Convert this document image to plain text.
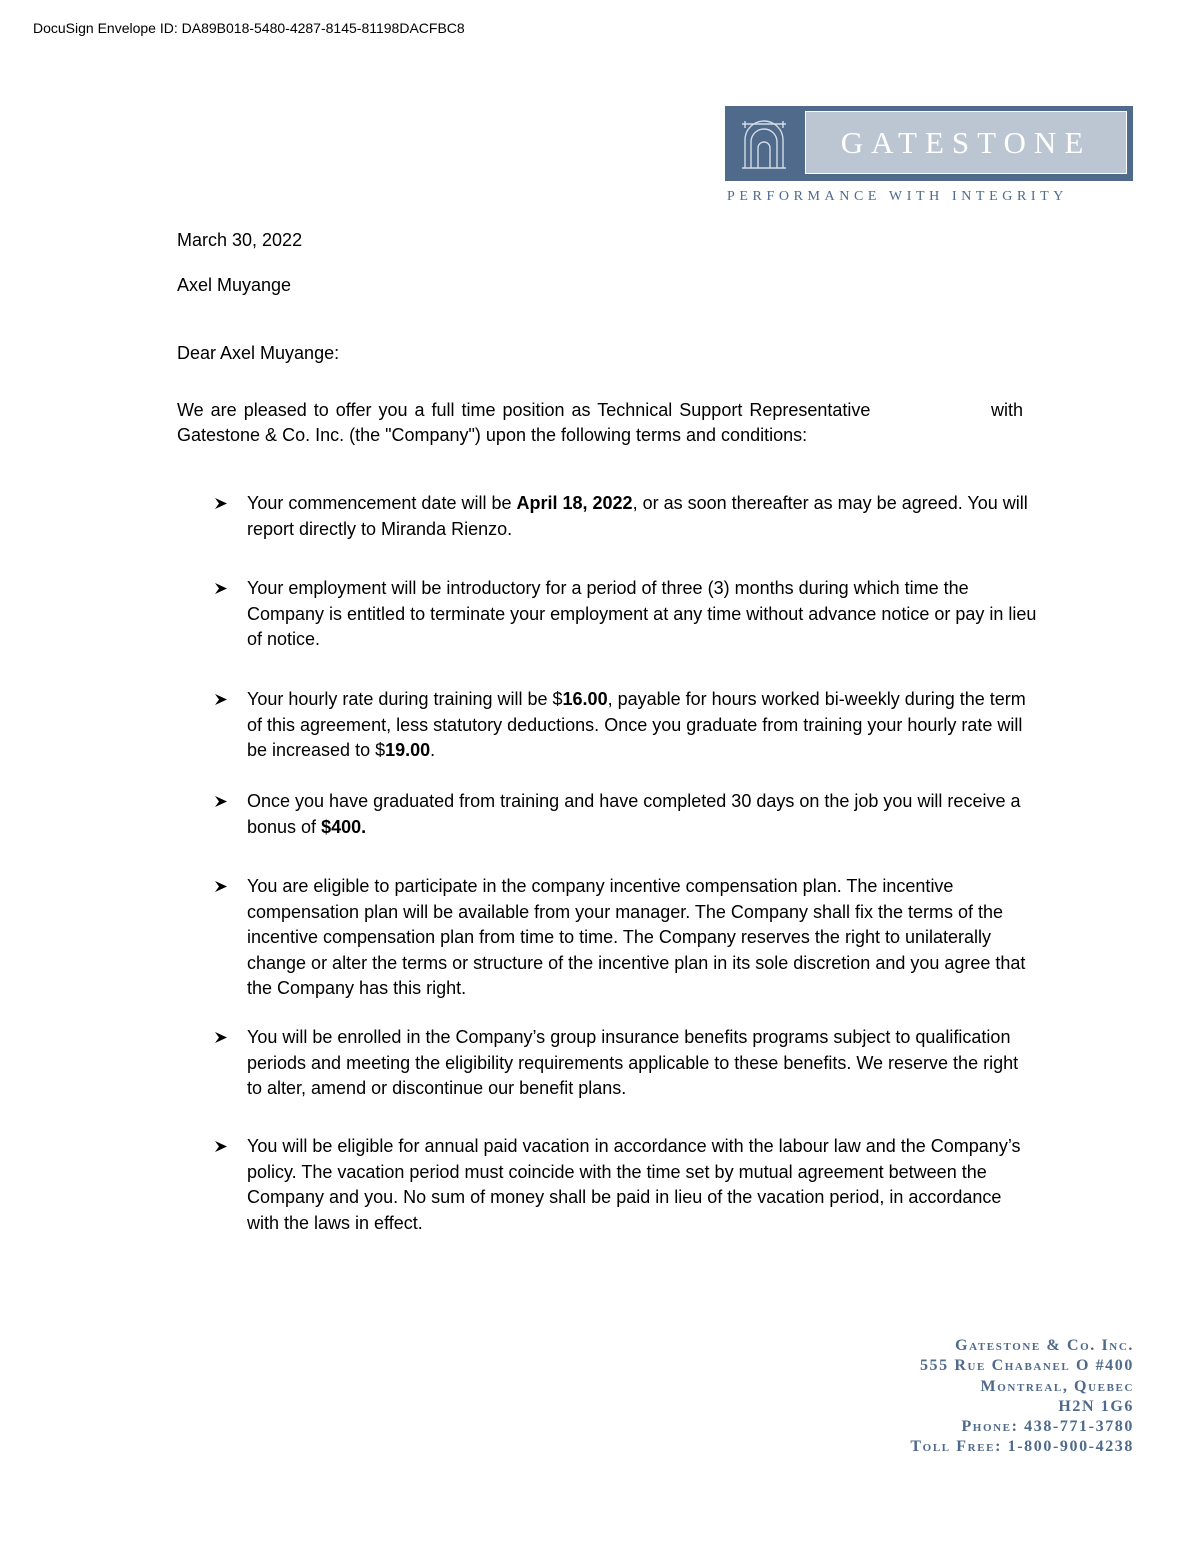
DocuSign Envelope ID: DA89B018-5480-4287-8145-81198DACFBC8
GATESTONE
PERFORMANCE WITH INTEGRITY
March 30, 2022
Axel Muyange
Dear Axel Muyange:
We are pleased to offer you a full time position as Technical Support Representative	with
Gatestone & Co. Inc. (the "Company") upon the following terms and conditions:
Your commencement date will be April 18, 2022, or as soon thereafter as may be agreed. You will report directly to Miranda Rienzo.
Your employment will be introductory for a period of three (3) months during which time the Company is entitled to terminate your employment at any time without advance notice or pay in lieu of notice.
Your hourly rate during training will be $16.00, payable for hours worked bi-weekly during the term of this agreement, less statutory deductions. Once you graduate from training your hourly rate will be increased to $19.00.
Once you have graduated from training and have completed 30 days on the job you will receive a bonus of $400.
You are eligible to participate in the company incentive compensation plan. The incentive compensation plan will be available from your manager. The Company shall fix the terms of the incentive compensation plan from time to time. The Company reserves the right to unilaterally change or alter the terms or structure of the incentive plan in its sole discretion and you agree that the Company has this right.
You will be enrolled in the Company’s group insurance benefits programs subject to qualification periods and meeting the eligibility requirements applicable to these benefits. We reserve the right to alter, amend or discontinue our benefit plans.
You will be eligible for annual paid vacation in accordance with the labour law and the Company’s policy. The vacation period must coincide with the time set by mutual agreement between the Company and you. No sum of money shall be paid in lieu of the vacation period, in accordance with the laws in effect.
Gatestone & Co. Inc.
555 Rue Chabanel O #400
Montreal, Quebec
H2N 1G6
Phone: 438-771-3780
Toll Free: 1-800-900-4238
